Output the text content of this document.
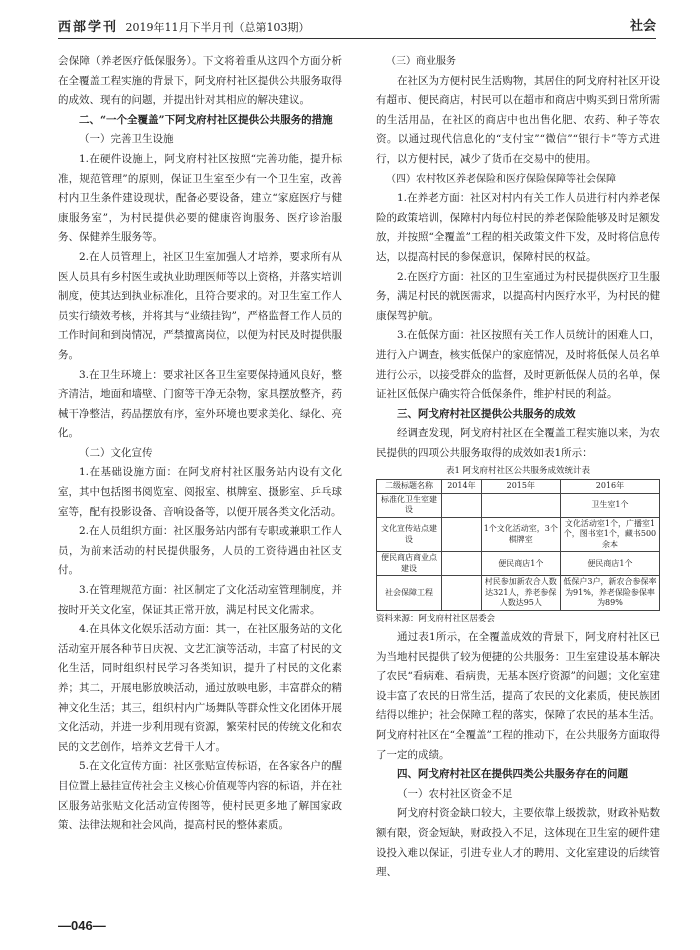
西部学刊 2019年11月下半月刊（总第103期）	社会

会保障（养老医疗低保服务）。下文将着重从这四个方面分析在全覆盖工程实施的背景下，阿戈府村社区提供公共服务取得的成效、现有的问题，并提出针对其相应的解决建议。

二、“一个全覆盖”下阿戈府村社区提供公共服务的措施

（一）完善卫生设施

1.在硬件设施上，阿戈府村社区按照“完善功能，提升标准，规范管理”的原则，保证卫生室至少有一个卫生室，改善村内卫生条件建设现状，配备必要设备，建立“家庭医疗与健康服务室”，为村民提供必要的健康咨询服务、医疗诊治服务、保健养生服务等。

2.在人员管理上，社区卫生室加强人才培养，要求所有从医人员具有乡村医生或执业助理医师等以上资格，并落实培训制度，使其达到执业标准化，且符合要求的。对卫生室工作人员实行绩效考核，并将其与“业绩挂钩”，严格监督工作人员的工作时间和到岗情况，严禁擅离岗位，以便为村民及时提供服务。

3.在卫生环境上：要求社区各卫生室要保持通风良好，整齐清洁，地面和墙壁、门窗等干净无杂物，家具摆放整齐，药械干净整洁，药品摆放有序，室外环境也要求美化、绿化、亮化。

（二）文化宣传

1.在基础设施方面：在阿戈府村社区服务站内设有文化室，其中包括图书阅览室、阅报室、棋牌室、摄影室、乒乓球室等，配有投影设备、音响设备等，以便开展各类文化活动。

2.在人员组织方面：社区服务站内部有专职或兼职工作人员，为前来活动的村民提供服务，人员的工资待遇由社区支付。

3.在管理规范方面：社区制定了文化活动室管理制度，并按时开关文化室，保证其正常开放，满足村民文化需求。

4.在具体文化娱乐活动方面：其一，在社区服务站的文化活动室开展各种节日庆祝、文艺汇演等活动，丰富了村民的文化生活，同时组织村民学习各类知识，提升了村民的文化素养；其二，开展电影放映活动，通过放映电影，丰富群众的精神文化生活；其三，组织村内广场舞队等群众性文化团体开展文化活动，并进一步利用现有资源，繁荣村民的传统文化和农民的文艺创作，培养文艺骨干人才。

5.在文化宣传方面：社区张贴宣传标语，在各家各户的醒目位置上悬挂宣传社会主义核心价值观等内容的标语，并在社区服务站张贴文化活动宣传图等，使村民更多地了解国家政策、法律法规和社会风尚，提高村民的整体素质。

（三）商业服务

在社区为方便村民生活购物，其居住的阿戈府村社区开设有超市、便民商店，村民可以在超市和商店中购买到日常所需的生活用品，在社区的商店中也出售化肥、农药、种子等农资。以通过现代信息化的“支付宝”“微信”“银行卡”等方式进行，以方便村民，减少了货币在交易中的使用。

（四）农村牧区养老保险和医疗保险保障等社会保障

1.在养老方面：社区对村内有关工作人员进行村内养老保险的政策培训，保障村内每位村民的养老保险能够及时足额发放，并按照“全覆盖”工程的相关政策文件下发，及时将信息传达，以提高村民的参保意识，保障村民的权益。

2.在医疗方面：社区的卫生室通过为村民提供医疗卫生服务，满足村民的就医需求，以提高村内医疗水平，为村民的健康保驾护航。

3.在低保方面：社区按照有关工作人员统计的困难人口，进行入户调查，核实低保户的家庭情况，及时将低保人员名单进行公示，以接受群众的监督，及时更新低保人员的名单，保证社区低保户确实符合低保条件，维护村民的利益。

三、阿戈府村社区提供公共服务的成效

经调查发现，阿戈府村社区在全覆盖工程实施以来，为农民提供的四项公共服务取得的成效如表1所示：

表1 阿戈府村社区公共服务成效统计表
二级标题名称	2014年	2015年	2016年
标准化卫生室建设			卫生室1个
文化宣传站点建设		1个文化活动室，3个棋牌室	文化活动室1个，广播室1个，图书室1个，藏书500余本
便民商店商业点建设		便民商店1个	便民商店1个
社会保障工程		村民参加新农合人数达321人，养老参保人数达95人	低保户3户，新农合参保率为91%，养老保险参保率为89%
资料来源：阿戈府村社区居委会

通过表1所示，在全覆盖成效的背景下，阿戈府村社区已为当地村民提供了较为便捷的公共服务：卫生室建设基本解决了农民“看病难、看病贵，无基本医疗资源”的问题；文化室建设丰富了农民的日常生活，提高了农民的文化素质，使民族团结得以维护；社会保障工程的落实，保障了农民的基本生活。阿戈府村社区在“全覆盖”工程的推动下，在公共服务方面取得了一定的成绩。

四、阿戈府村社区在提供四类公共服务存在的问题

（一）农村社区资金不足

阿戈府村资金缺口较大，主要依靠上级拨款，财政补贴数额有限，资金短缺，财政投入不足，这体现在卫生室的硬件建设投入难以保证，引进专业人才的聘用、文化室建设的后续管理、

—046—
